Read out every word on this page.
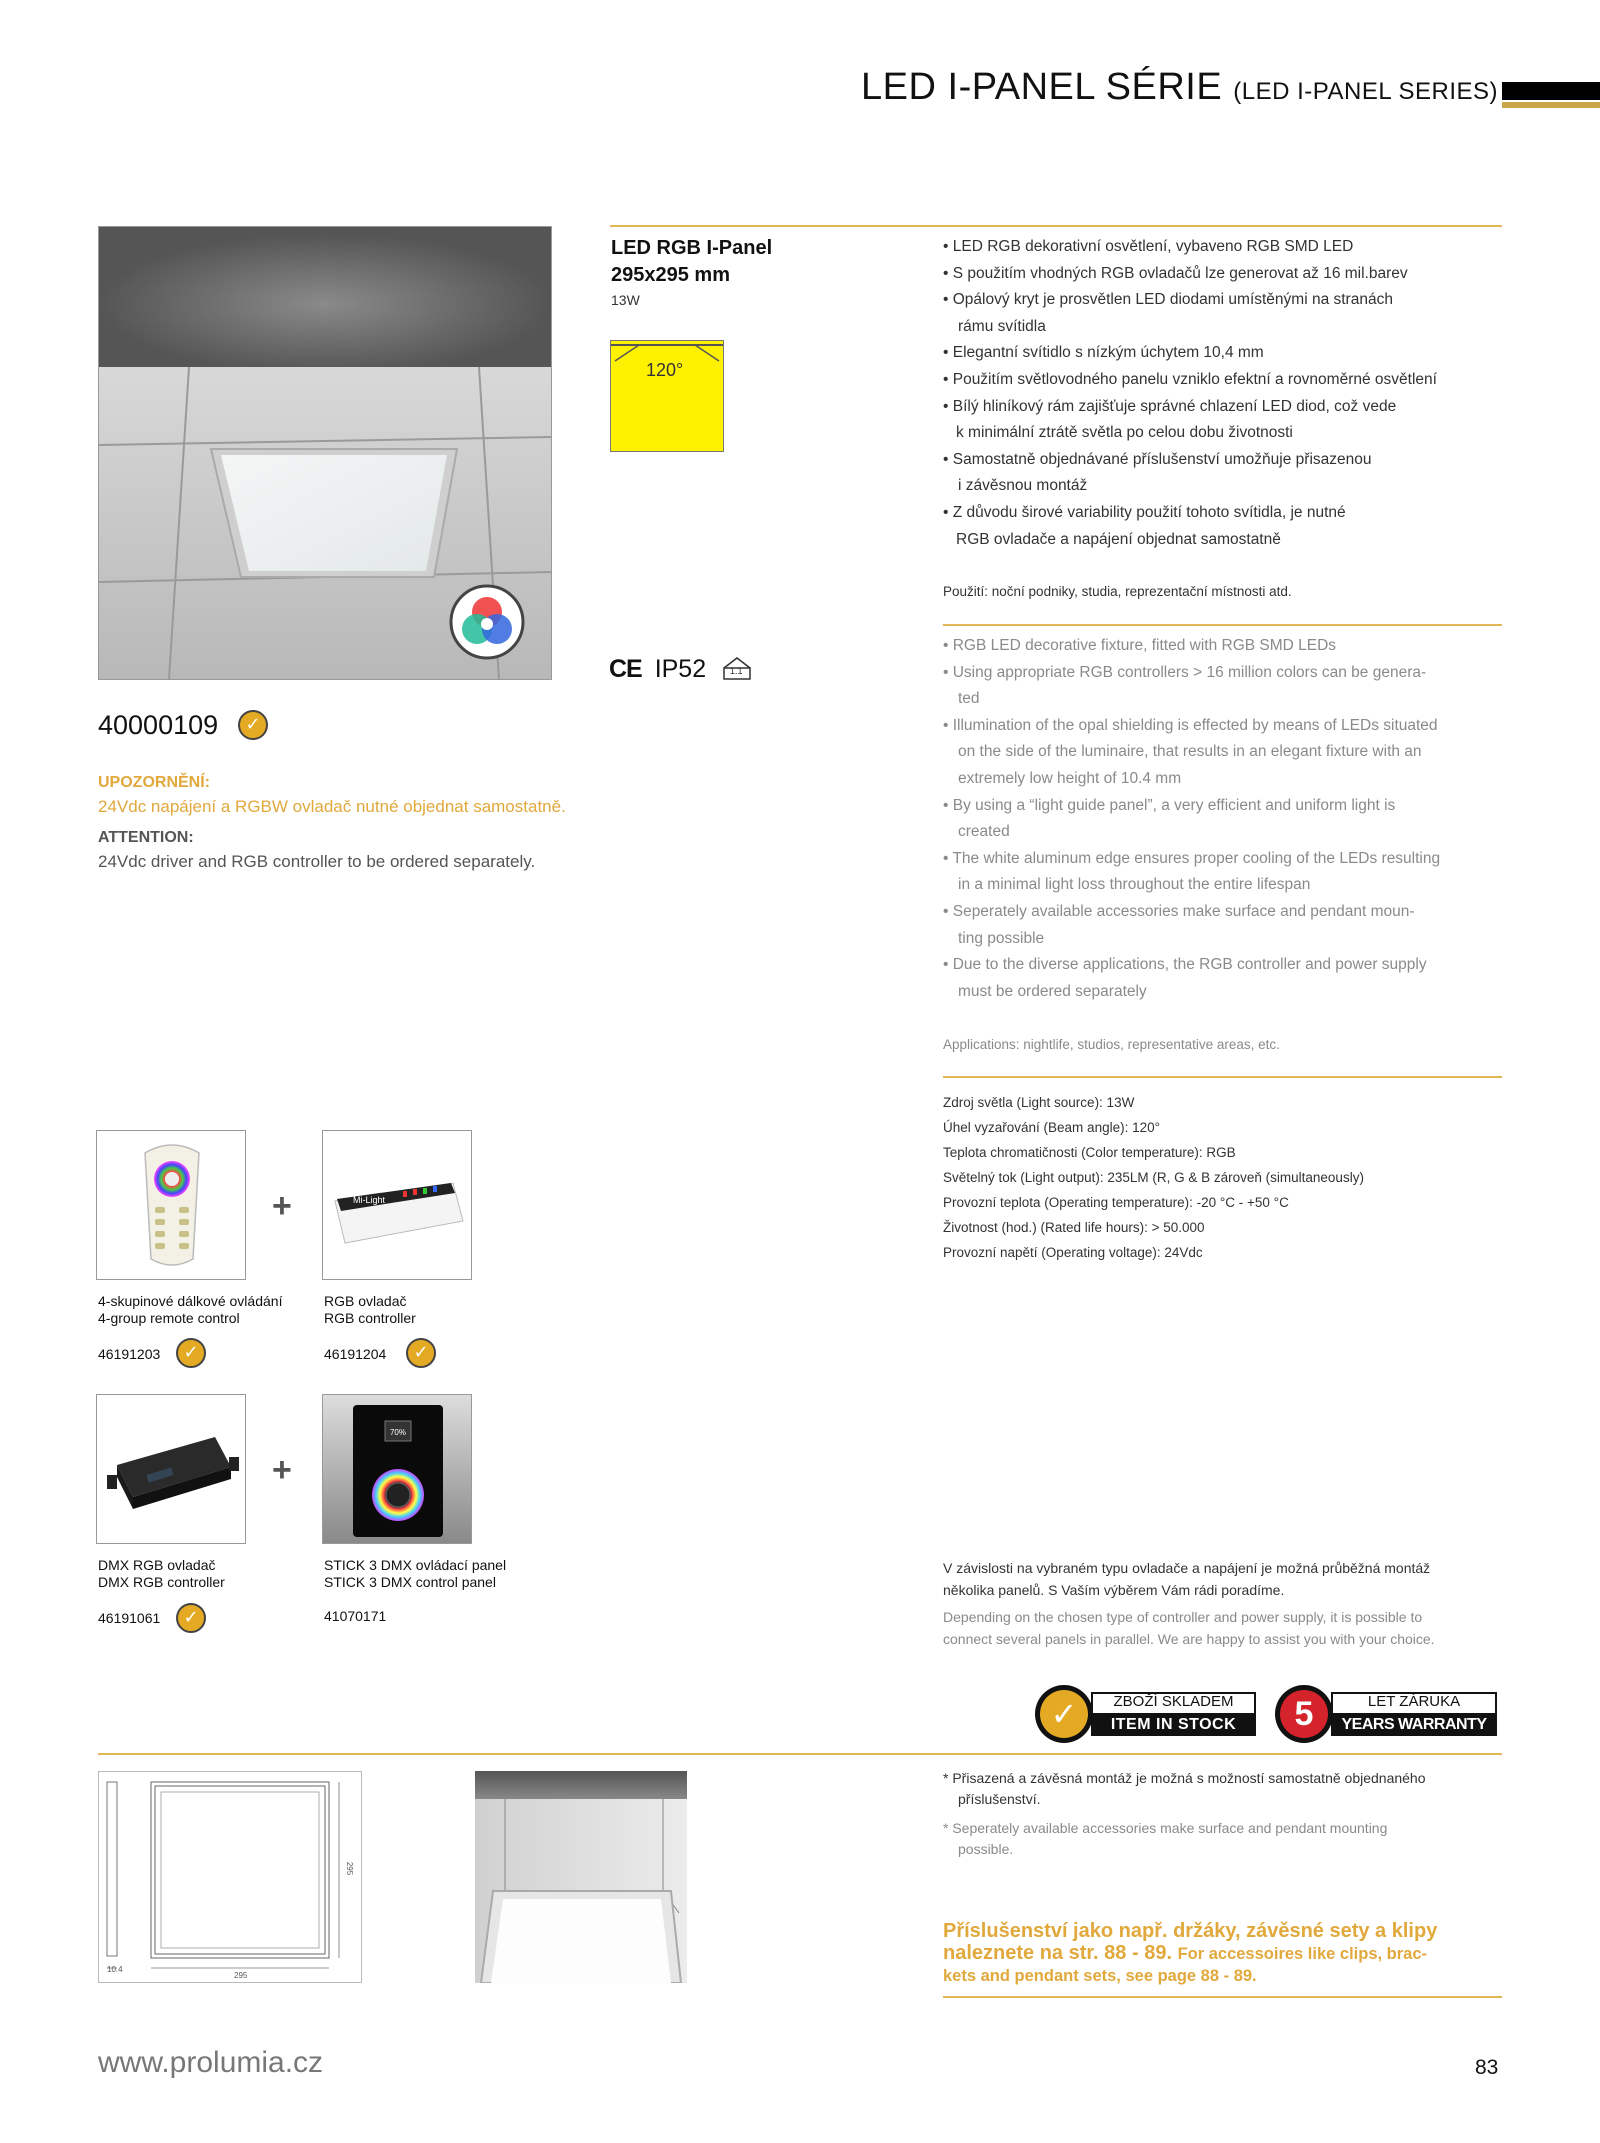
LED I-PANEL SÉRIE (LED I-PANEL SERIES)
40000109	✓
UPOZORNĚNÍ:
24Vdc napájení a RGBW ovladač nutné objednat samostatně.
ATTENTION:
24Vdc driver and RGB controller to be ordered separately.
LED RGB I-Panel
295x295 mm
13W
120°
CE IP52	1.1
• LED RGB dekorativní osvětlení, vybaveno RGB SMD LED
• S použitím vhodných RGB ovladačů lze generovat až 16 mil.barev
• Opálový kryt je prosvětlen LED diodami umístěnými na stranách
rámu svítidla
• Elegantní svítidlo s nízkým úchytem 10,4 mm
• Použitím světlovodného panelu vzniklo efektní a rovnoměrné osvětlení
• Bílý hliníkový rám zajišťuje správné chlazení LED diod, což vede
k minimální ztrátě světla po celou dobu životnosti
• Samostatně objednávané příslušenství umožňuje přisazenou
i závěsnou montáž
• Z důvodu širové variability použití tohoto svítidla, je nutné
RGB ovladače a napájení objednat samostatně
Použití: noční podniky, studia, reprezentační místnosti atd.
• RGB LED decorative fixture, fitted with RGB SMD LEDs
• Using appropriate RGB controllers > 16 million colors can be genera-
ted
• Illumination of the opal shielding is effected by means of LEDs situated
on the side of the luminaire, that results in an elegant fixture with an
extremely low height of 10.4 mm
• By using a “light guide panel”, a very efficient and uniform light is
created
• The white aluminum edge ensures proper cooling of the LEDs resulting
in a minimal light loss throughout the entire lifespan
• Seperately available accessories make surface and pendant moun-
ting possible
• Due to the diverse applications, the RGB controller and power supply
must be ordered separately
Applications: nightlife, studios, representative areas, etc.
Zdroj světla (Light source): 13W
Úhel vyzařování (Beam angle): 120°
Teplota chromatičnosti (Color temperature): RGB
Světelný tok (Light output): 235LM (R, G & B zároveň (simultaneously)
Provozní teplota (Operating temperature): -20 °C - +50 °C
Životnost (hod.) (Rated life hours): > 50.000
Provozní napětí (Operating voltage): 24Vdc
+	Mi-Light
4-skupinové dálkové ovládání
4-group remote control
46191203	✓
RGB ovladač
RGB controller
46191204	✓
+
70%
DMX RGB ovladač
DMX RGB controller
46191061	✓
STICK 3 DMX ovládací panel
STICK 3 DMX control panel
41070171
V závislosti na vybraném typu ovladače a napájení je možná průběžná montáž
několika panelů. S Vaším výběrem Vám rádi poradíme.
Depending on the chosen type of controller and power supply, it is possible to
connect several panels in parallel. We are happy to assist you with your choice.
✓	ZBOŽÍ SKLADEM
ITEM IN STOCK	5	LET ZÁRUKA
YEARS WARRANTY
10.4
295
295
* Přisazená a závěsná montáž je možná s možností samostatně objednaného
příslušenství.
* Seperately available accessories make surface and pendant mounting
possible.
Příslušenství jako např. držáky, závěsné sety a klipy
naleznete na str. 88 - 89. For accessoires like clips, brac-
kets and pendant sets, see page 88 - 89.
www.prolumia.cz	83
